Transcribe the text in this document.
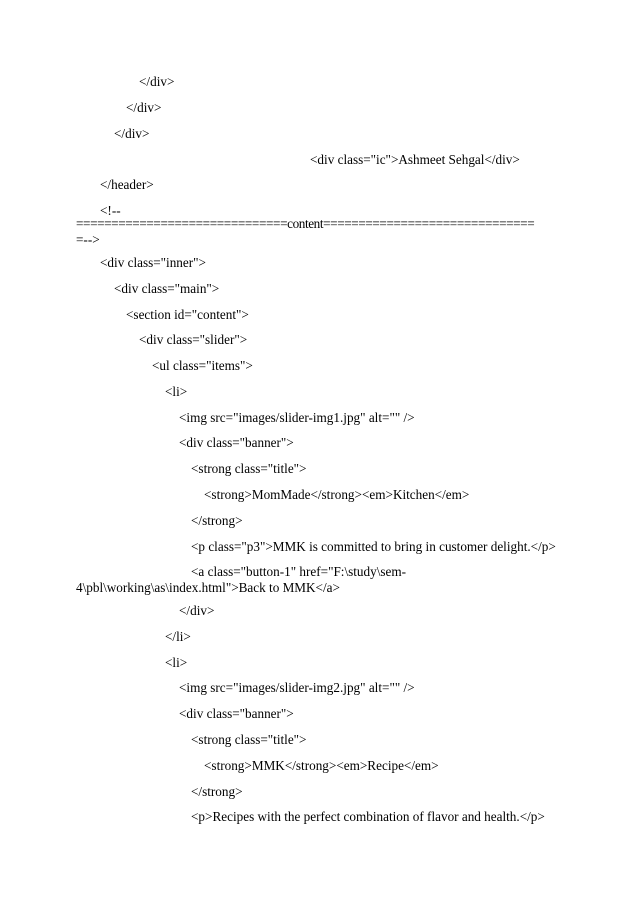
</div>
</div>
</div>
<div class="ic">Ashmeet Sehgal</div>
</header>
<!--
==============================content==============================
=-->
<div class="inner">
<div class="main">
<section id="content">
<div class="slider">
<ul class="items">
<li>
<img src="images/slider-img1.jpg" alt="" />
<div class="banner">
<strong class="title">
<strong>MomMade</strong><em>Kitchen</em>
</strong>
<p class="p3">MMK is committed to bring in customer delight.</p>
<a class="button-1" href="F:\study\sem-
4\pbl\working\as\index.html">Back to MMK</a>
</div>
</li>
<li>
<img src="images/slider-img2.jpg" alt="" />
<div class="banner">
<strong class="title">
<strong>MMK</strong><em>Recipe</em>
</strong>
<p>Recipes with the perfect combination of flavor and health.</p>
